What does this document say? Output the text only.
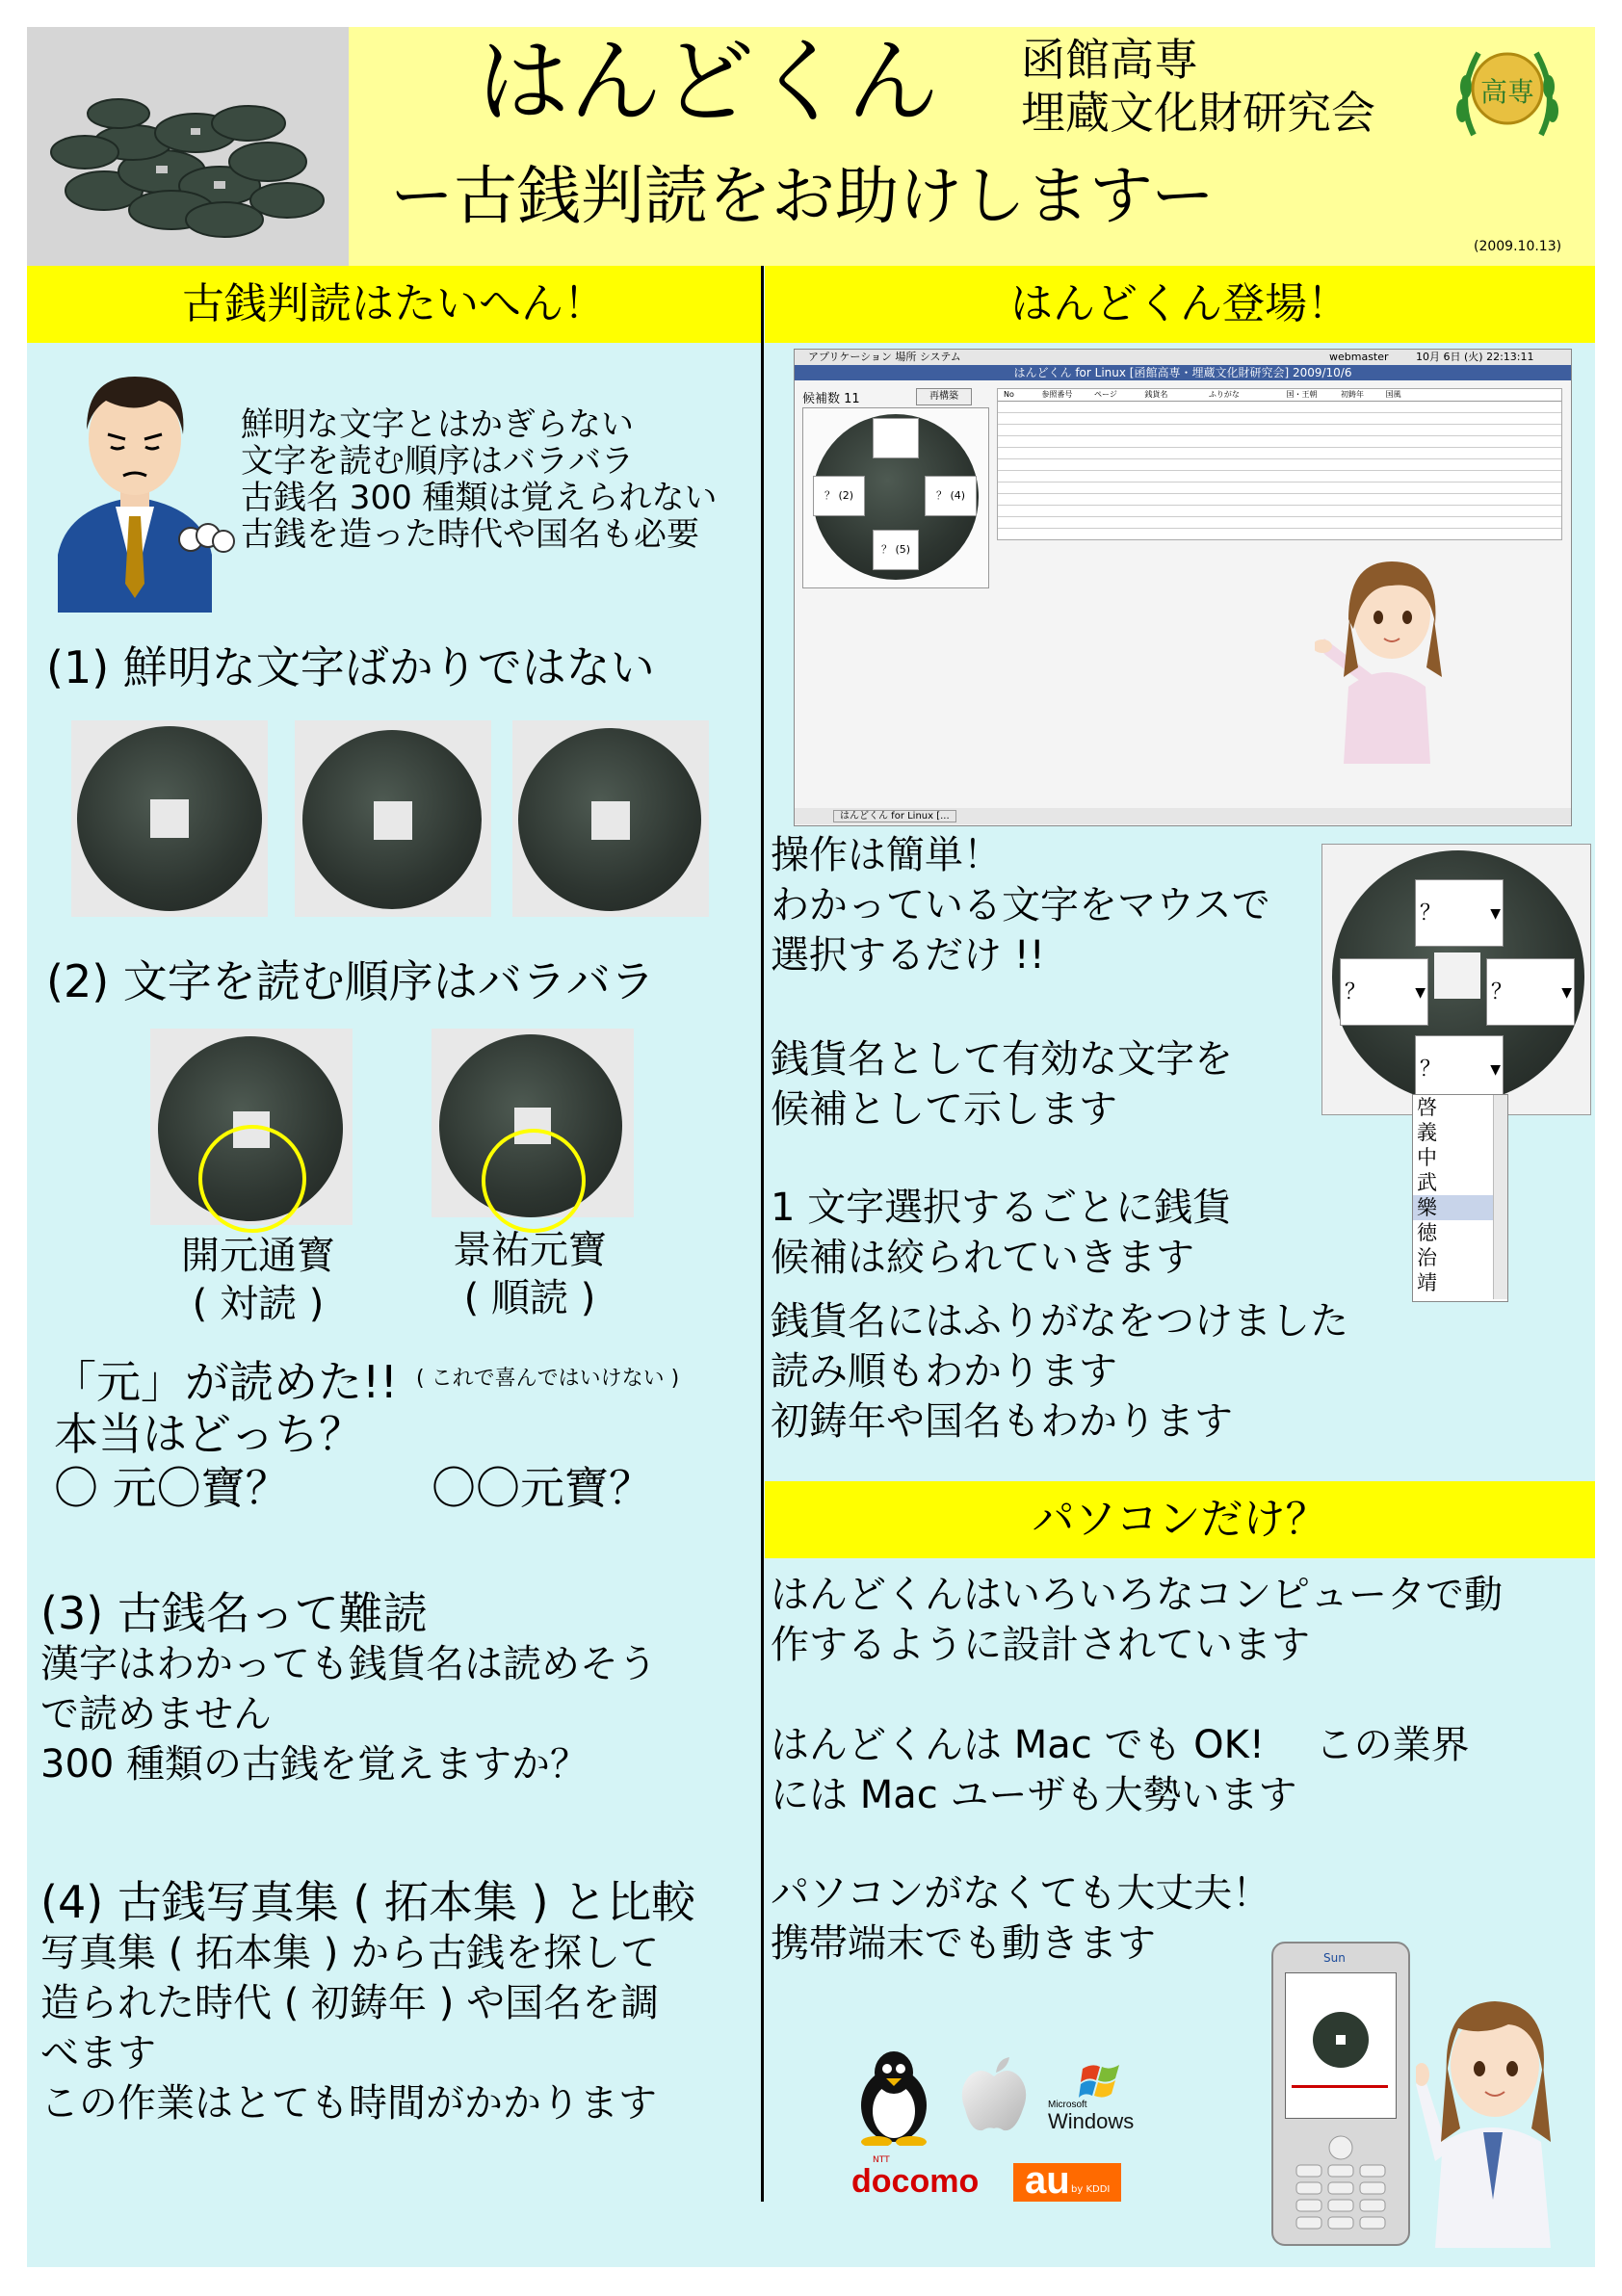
はんどくん
ー古銭判読をお助けしますー
函館高専
埋蔵文化財研究会	高専
(2009.10.13)
古銭判読はたいへん！	はんどくん登場！
鮮明な文字とはかぎらない
文字を読む順序はバラバラ
古銭名 300 種類は覚えられない
古銭を造った時代や国名も必要
(1) 鮮明な文字ばかりではない
(2) 文字を読む順序はバラバラ
開元通寳
( 対読 )
景祐元寶
( 順読 )
「元」が読めた!! ( これで喜んではいけない )
本当はどっち？
〇 元〇寶？	〇〇元寶？
(3) 古銭名って難読
漢字はわかっても銭貨名は読めそう
で読めません
300 種類の古銭を覚えますか？
(4) 古銭写真集 ( 拓本集 ) と比較
写真集 ( 拓本集 ) から古銭を探して
造られた時代 ( 初鋳年 ) や国名を調
べます
この作業はとても時間がかかります
アプリケーション 場所 システム	webmaster	10月 6日 (火) 22:13:11
はんどくん for Linux [函館高専・埋蔵文化財研究会] 2009/10/6
候補数 11	再構築
？ (2)	？ (4)
？ (5)
No	参照番号	ページ	銭貨名	ふりがな	国・王朝	初鋳年	国風
はんどくん for Linux [...
操作は簡単！
わかっている文字をマウスで
選択するだけ !!
銭貨名として有効な文字を
候補として示します
1 文字選択するごとに銭貨
候補は絞られていきます
銭貨名にはふりがなをつけました
読み順もわかります
初鋳年や国名もわかります
？	▼
？	▼	？	▼
？	▼
啓
義
中
武
樂
徳
治
靖
パソコンだけ？
はんどくんはいろいろなコンピュータで動
作するように設計されています
はんどくんは Mac でも OK!　 この業界
には Mac ユーザも大勢います
パソコンがなくても大丈夫！
携帯端末でも動きます
Microsoft
Windows
NTT
docomo au by KDDI
Sun
